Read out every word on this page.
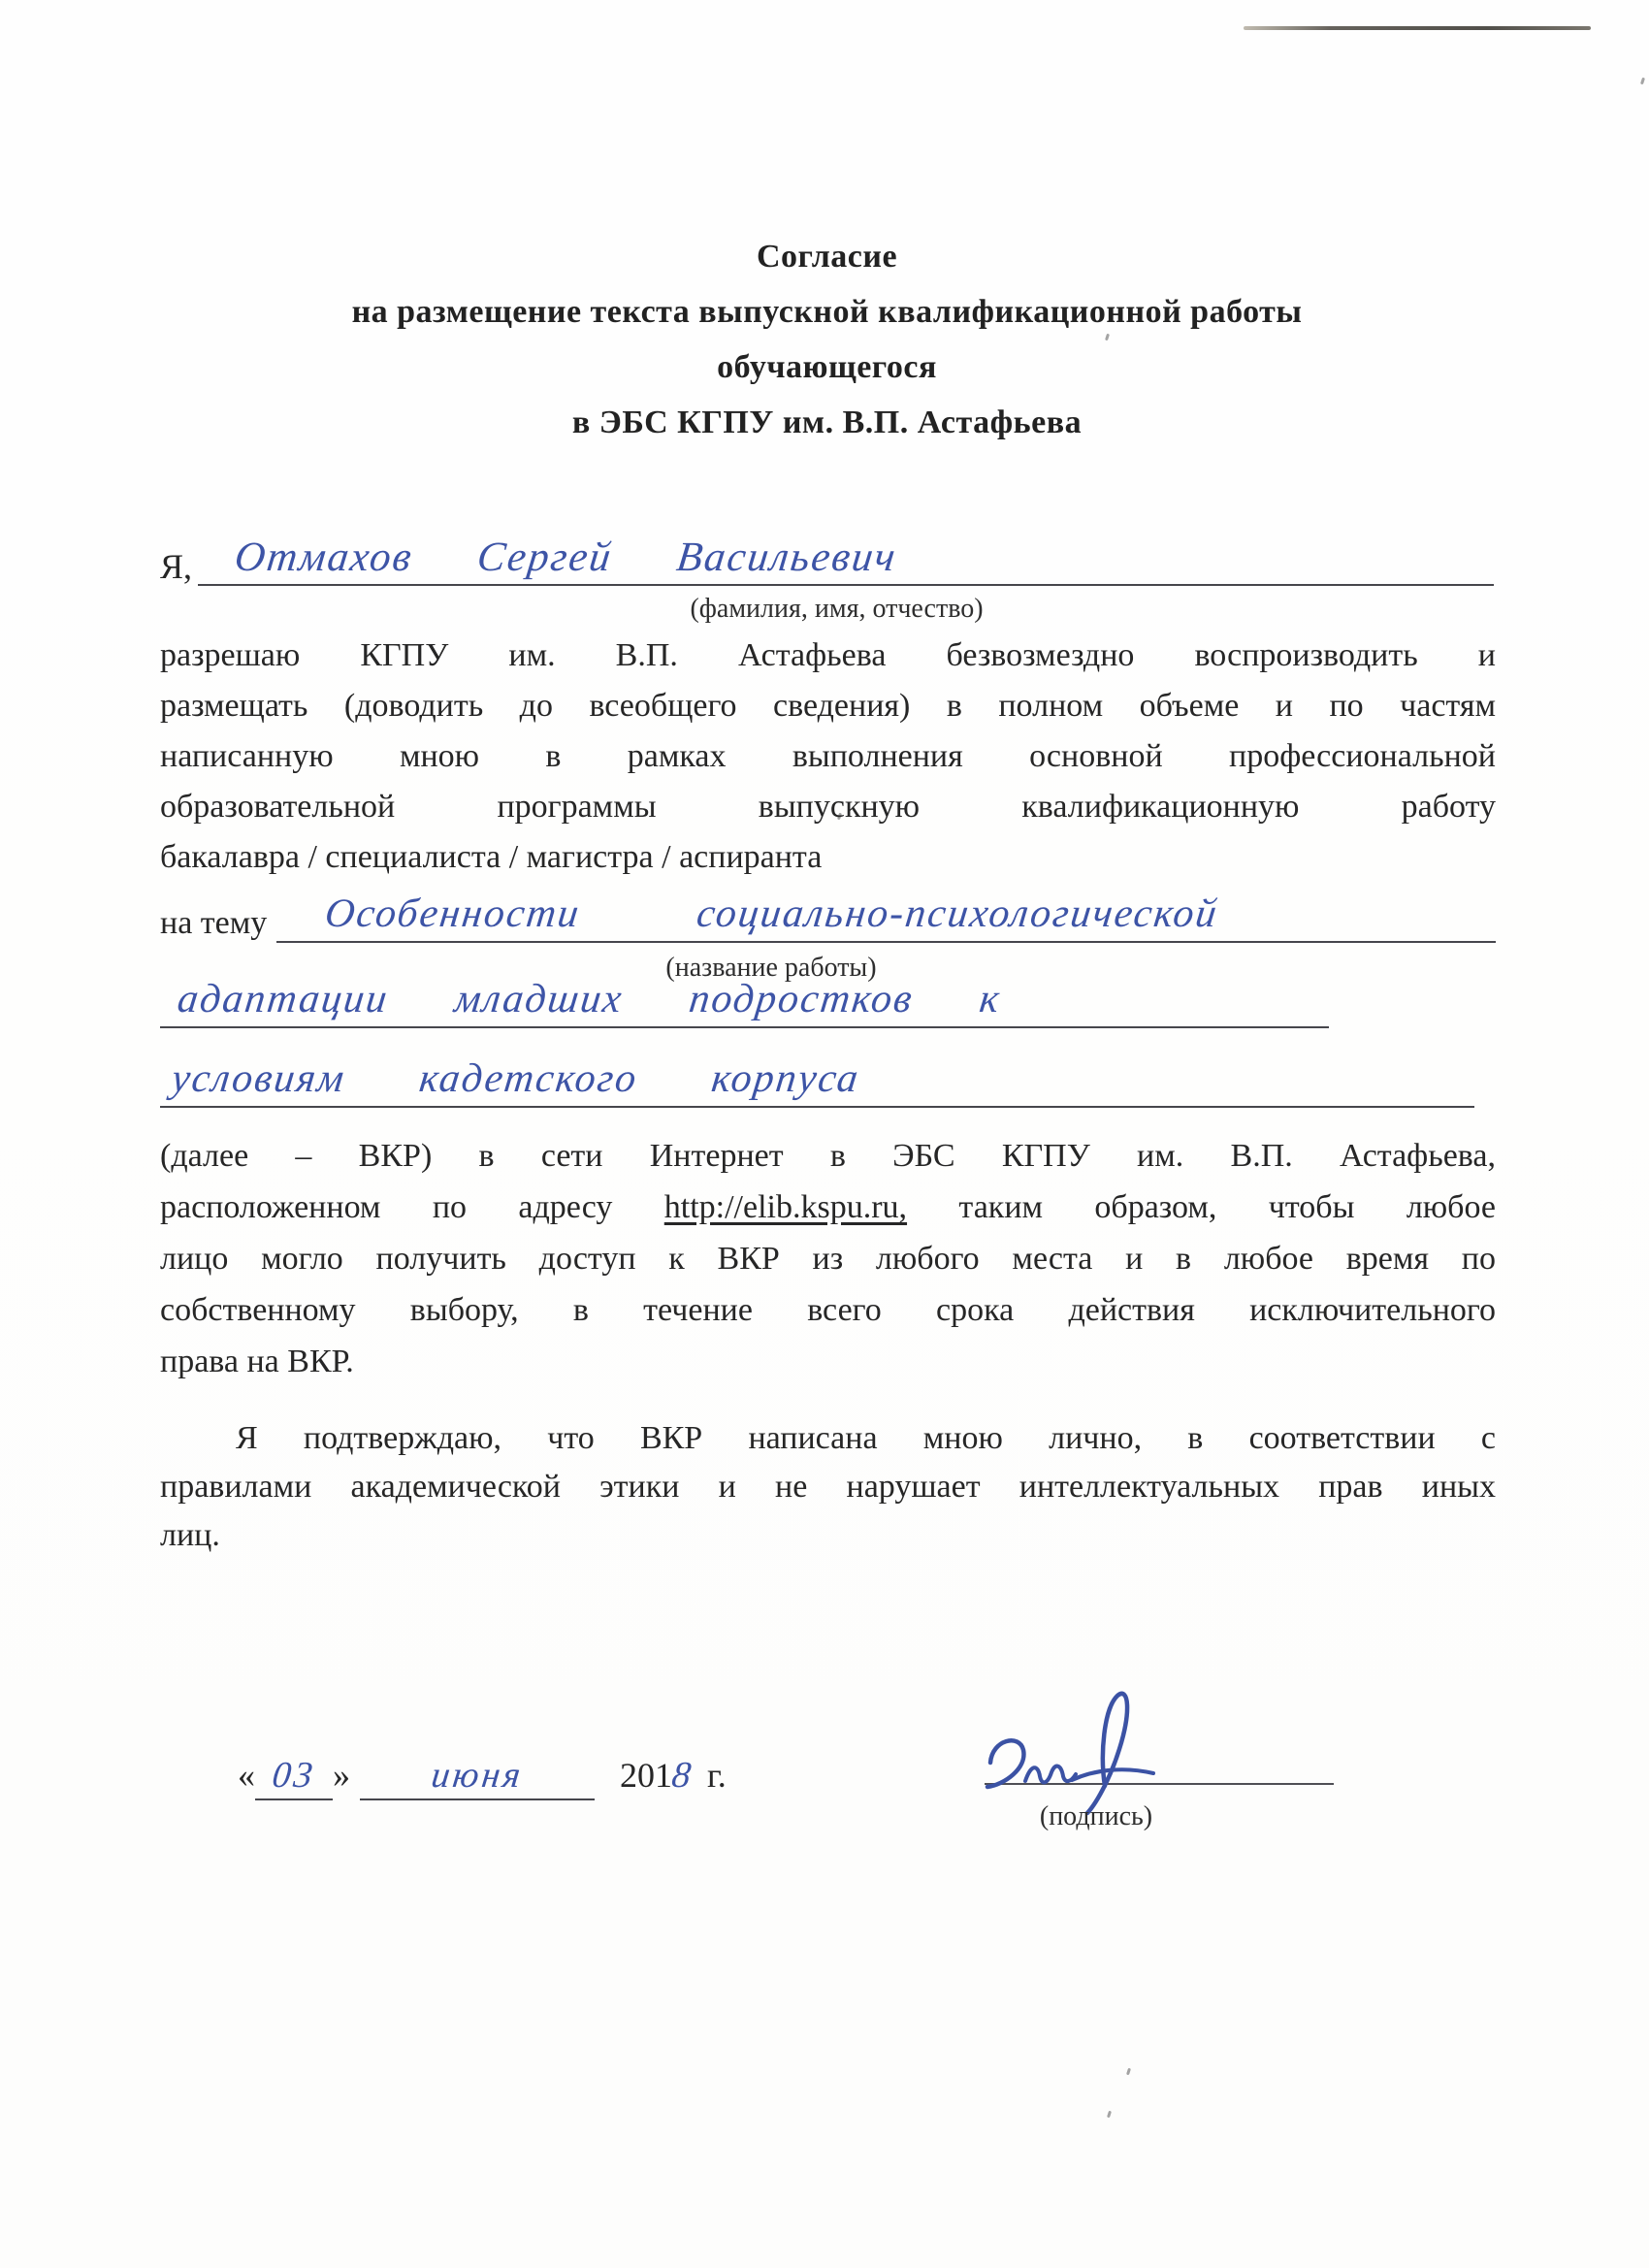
Согласие
на размещение текста выпускной квалификационной работы
обучающегося
в ЭБС КГПУ им. В.П. Астафьева
Я, Отмахов Сергей Васильевич
(фамилия, имя, отчество)
разрешаю КГПУ им. В.П. Астафьева безвозмездно воспроизводить и
размещать (доводить до всеобщего сведения) в полном объеме и по частям
написанную мною в рамках выполнения основной профессиональной
образовательной программы выпускную квалификационную работу
бакалавра / специалиста / магистра / аспиранта
на тему	Особенности социально-психологической
(название работы)
адаптации младших подростков к
условиям кадетского корпуса
(далее – ВКР) в сети Интернет в ЭБС КГПУ им. В.П. Астафьева,
расположенном по адресу http://elib.kspu.ru, таким образом, чтобы любое
лицо могло получить доступ к ВКР из любого места и в любое время по
собственному выбору, в течение всего срока действия исключительного
права на ВКР.
Я подтверждаю, что ВКР написана мною лично, в соответствии с
правилами академической этики и не нарушает интеллектуальных прав иных
лиц.
« 03 » июня	2018 г.
(подпись)
